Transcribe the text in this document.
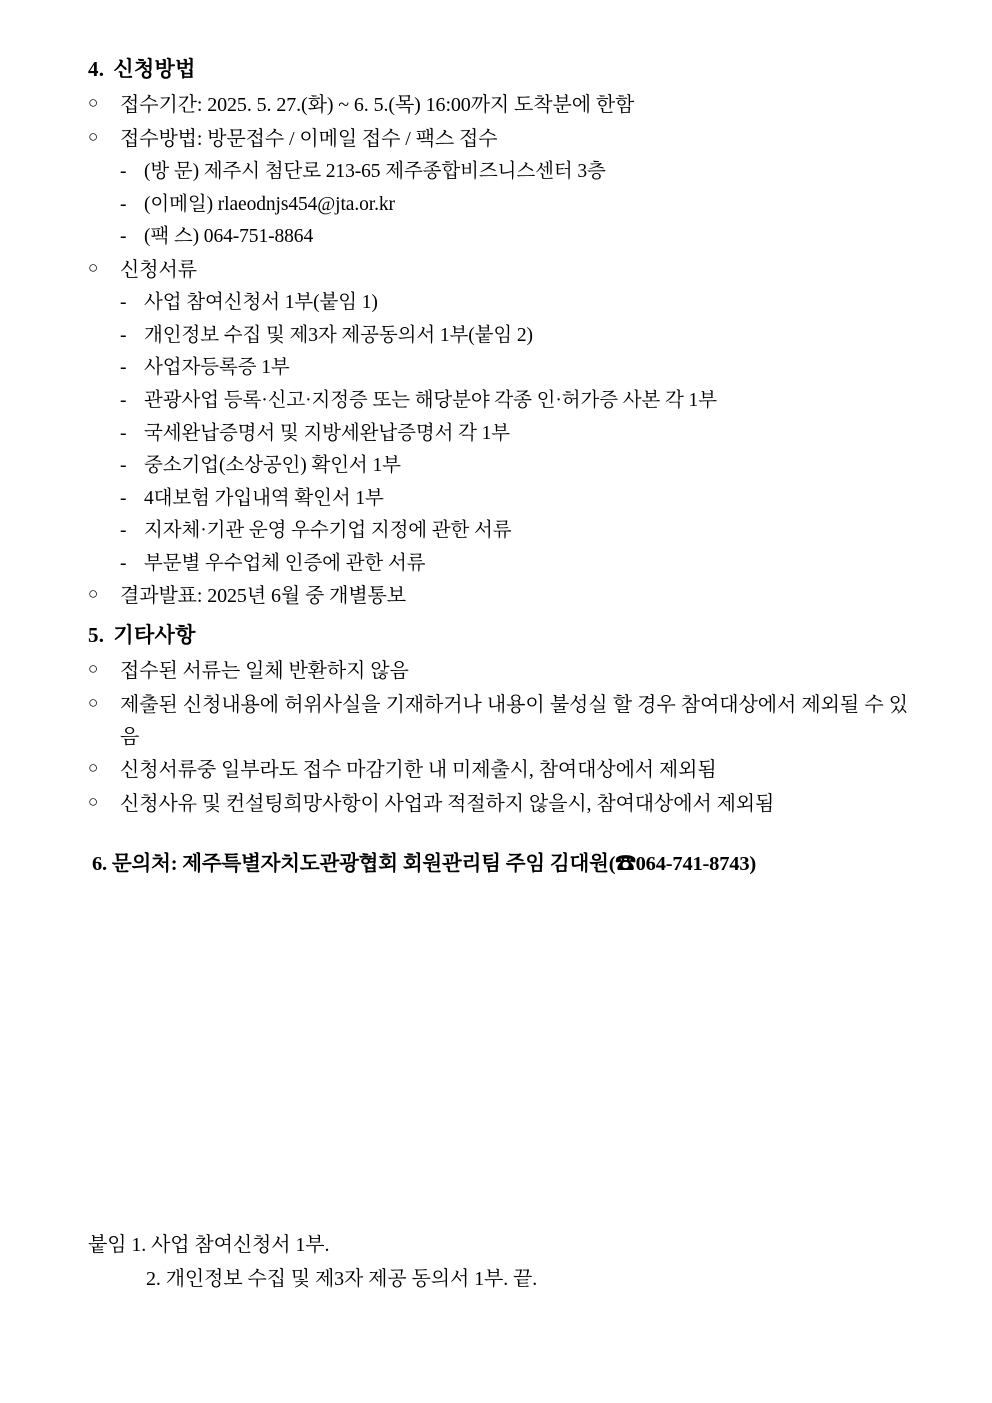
4. 신청방법
○ 접수기간: 2025. 5. 27.(화) ~ 6. 5.(목) 16:00까지 도착분에 한함
○ 접수방법: 방문접수 / 이메일 접수 / 팩스 접수
- (방 문) 제주시 첨단로 213-65 제주종합비즈니스센터 3층
- (이메일) rlaeodnjs454@jta.or.kr
- (팩 스) 064-751-8864
○ 신청서류
- 사업 참여신청서 1부(붙임 1)
- 개인정보 수집 및 제3자 제공동의서 1부(붙임 2)
- 사업자등록증 1부
- 관광사업 등록·신고·지정증 또는 해당분야 각종 인·허가증 사본 각 1부
- 국세완납증명서 및 지방세완납증명서 각 1부
- 중소기업(소상공인) 확인서 1부
- 4대보험 가입내역 확인서 1부
- 지자체·기관 운영 우수기업 지정에 관한 서류
- 부문별 우수업체 인증에 관한 서류
○ 결과발표: 2025년 6월 중 개별통보
5. 기타사항
○ 접수된 서류는 일체 반환하지 않음
○ 제출된 신청내용에 허위사실을 기재하거나 내용이 불성실 할 경우 참여대상에서 제외될 수 있음
○ 신청서류중 일부라도 접수 마감기한 내 미제출시, 참여대상에서 제외됨
○ 신청사유 및 컨설팅희망사항이 사업과 적절하지 않을시, 참여대상에서 제외됨
6. 문의처: 제주특별자치도관광협회 회원관리팀 주임 김대원(☎064-741-8743)
붙임 1. 사업 참여신청서 1부.
2. 개인정보 수집 및 제3자 제공 동의서 1부. 끝.
